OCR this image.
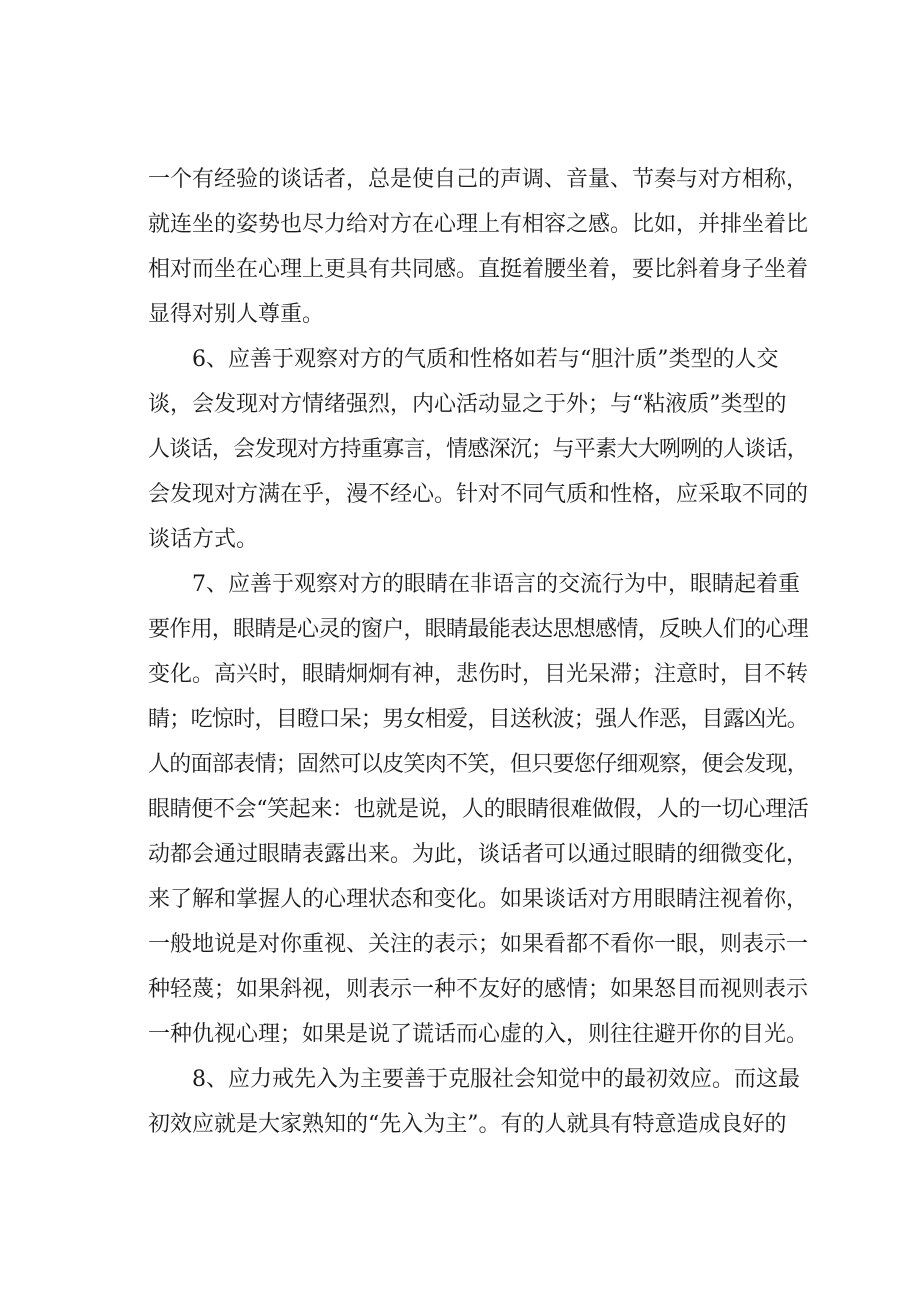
一个有经验的谈话者，总是使自己的声调、音量、节奏与对方相称，
就连坐的姿势也尽力给对方在心理上有相容之感。比如，并排坐着比
相对而坐在心理上更具有共同感。直挺着腰坐着，要比斜着身子坐着
显得对别人尊重。
6、应善于观察对方的气质和性格如若与“胆汁质”类型的人交
谈，会发现对方情绪强烈，内心活动显之于外；与“粘液质”类型的
人谈话，会发现对方持重寡言，情感深沉；与平素大大咧咧的人谈话，
会发现对方满在乎，漫不经心。针对不同气质和性格，应采取不同的
谈话方式。
7、应善于观察对方的眼睛在非语言的交流行为中，眼睛起着重
要作用，眼睛是心灵的窗户，眼睛最能表达思想感情，反映人们的心理
变化。高兴时，眼睛炯炯有神，悲伤时，目光呆滞；注意时，目不转
睛；吃惊时，目瞪口呆；男女相爱，目送秋波；强人作恶，目露凶光。
人的面部表情；固然可以皮笑肉不笑，但只要您仔细观察，便会发现，
眼睛便不会“笑起来：也就是说，人的眼睛很难做假，人的一切心理活
动都会通过眼睛表露出来。为此，谈话者可以通过眼睛的细微变化，
来了解和掌握人的心理状态和变化。如果谈话对方用眼睛注视着你，
一般地说是对你重视、关注的表示；如果看都不看你一眼，则表示一
种轻蔑；如果斜视，则表示一种不友好的感情；如果怒目而视则表示
一种仇视心理；如果是说了谎话而心虚的入，则往往避开你的目光。
8、应力戒先入为主要善于克服社会知觉中的最初效应。而这最
初效应就是大家熟知的“先入为主”。有的人就具有特意造成良好的
